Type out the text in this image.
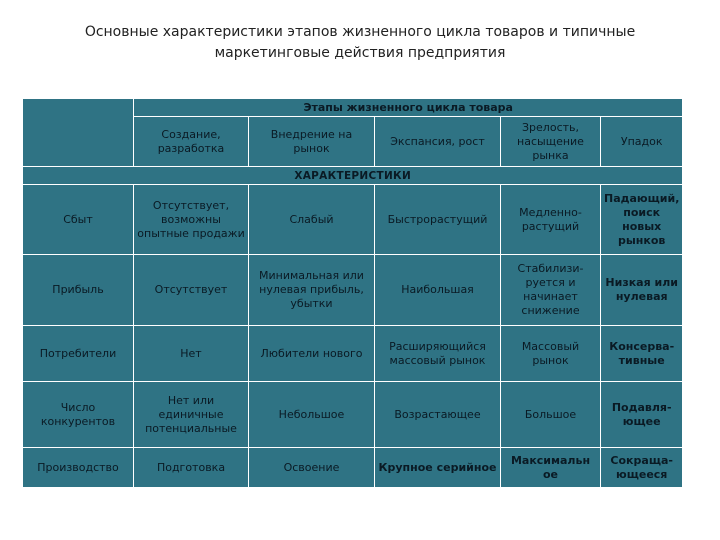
Основные характеристики этапов жизненного цикла товаров и типичные
маркетинговые действия предприятия
	Этапы жизненного цикла товара				
	Создание, разработка	Внедрение на рынок	Экспансия, рост	Зрелость, насыщение рынка	Упадок
ХАРАКТЕРИСТИКИ					
Сбыт	Отсутствует, возможны опытные продажи	Слабый	Быстрорастущий	Медленно-растущий	Падающий, поиск новых рынков
Прибыль	Отсутствует	Минимальная или нулевая прибыль, убытки	Наибольшая	Стабилизи-руется и начинает снижение	Низкая или нулевая
Потребители	Нет	Любители нового	Расширяющийся массовый рынок	Массовый рынок	Консерва-тивные
Число конкурентов	Нет или единичные потенциальные	Небольшое	Возрастающее	Большое	Подавля-ющее
Производство	Подготовка	Освоение	Крупное серийное	Максимальн ое	Сокраща-ющееся
